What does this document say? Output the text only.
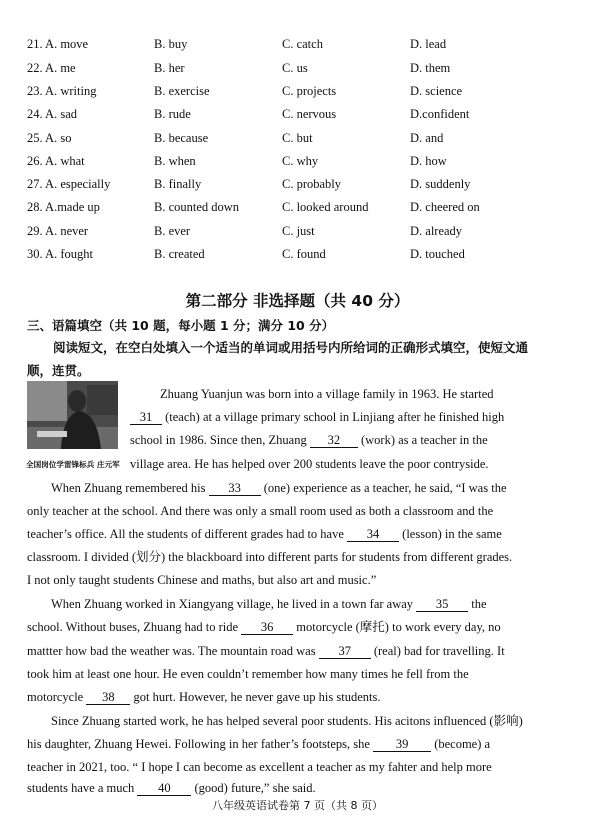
21. A. move	B. buy	C. catch	D. lead
22. A. me	B. her	C. us	D. them
23. A. writing	B. exercise	C. projects	D. science
24. A. sad	B. rude	C. nervous	D.confident
25. A. so	B. because	C. but	D. and
26. A. what	B. when	C. why	D. how
27. A. especially	B. finally	C. probably	D. suddenly
28. A.made up	B. counted down	C. looked around	D. cheered on
29. A. never	B. ever	C. just	D. already
30. A. fought	B. created	C. found	D. touched
第二部分 非选择题（共 40 分）
三、语篇填空（共 10 题，每小题 1 分；满分 10 分）
阅读短文，在空白处填入一个适当的单词或用括号内所给词的正确形式填空，使短文通顺，连贯。
全国岗位学雷锋标兵 庄元军
Zhuang Yuanjun was born into a village family in 1963. He started
31 (teach) at a village primary school in Linjiang after he finished high
school in 1986. Since then, Zhuang 32 (work) as a teacher in the
village area. He has helped over 200 students leave the poor contryside.
When Zhuang remembered his 33 (one) experience as a teacher, he said, “I was the
only teacher at the school. And there was only a small room used as both a classroom and the
teacher’s office. All the students of different grades had to have 34 (lesson) in the same
classroom. I divided (划分) the blackboard into different parts for students from different grades.
I not only taught students Chinese and maths, but also art and music.”
When Zhuang worked in Xiangyang village, he lived in a town far away 35 the
school. Without buses, Zhuang had to ride 36 motorcycle (摩托) to work every day, no
mattter how bad the weather was. The mountain road was 37 (real) bad for travelling. It
took him at least one hour. He even couldn’t remember how many times he fell from the
motorcycle 38 got hurt. However, he never gave up his students.
Since Zhuang started work, he has helped several poor students. His acitons influenced (影响)
his daughter, Zhuang Hewei. Following in her father’s footsteps, she 39 (become) a
teacher in 2021, too. “ I hope I can become as excellent a teacher as my fahter and help more
students have a much 40 (good) future,” she said.
八年级英语试卷第 7 页（共 8 页）
